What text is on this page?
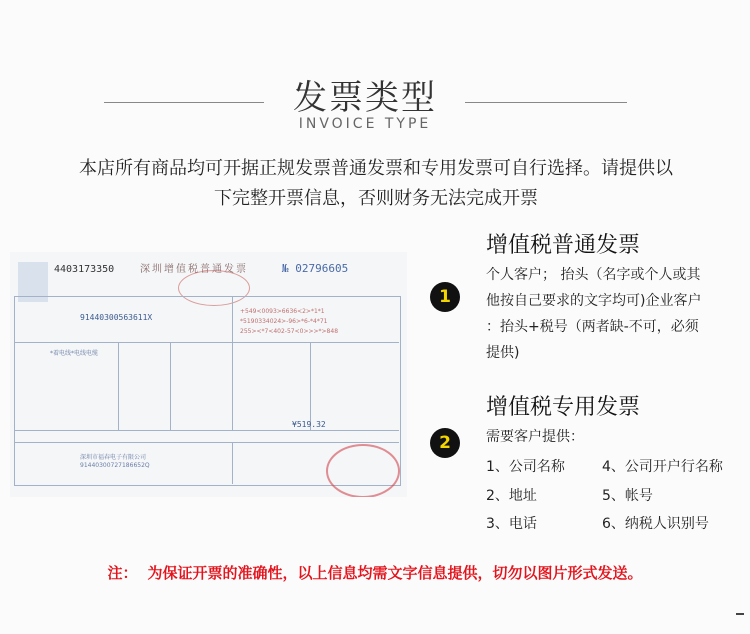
发票类型
INVOICE TYPE
本店所有商品均可开据正规发票普通发票和专用发票可自行选择。请提供以
下完整开票信息，否则财务无法完成开票
4403173350	深圳增值税普通发票	№ 02796605
+549<0093>6636<2>*1*1
*5190334024>-96>*6-*4*71
255><*7<402-57<0>>>*>848
91440300563611X
*着电线*电线电缆
¥519.32
深圳市福春电子有限公司
91440300727186652Q
1
增值税普通发票
个人客户； 抬头（名字或个人或其
他按自己要求的文字均可)企业客户
：抬头+税号（两者缺-不可，必须
提供)
2
增值税专用发票
需要客户提供：
1、公司名称	4、公司开户行名称
2、地址	5、帐号
3、电话	6、纳税人识别号
注： 为保证开票的准确性，以上信息均需文字信息提供，切勿以图片形式发送。
